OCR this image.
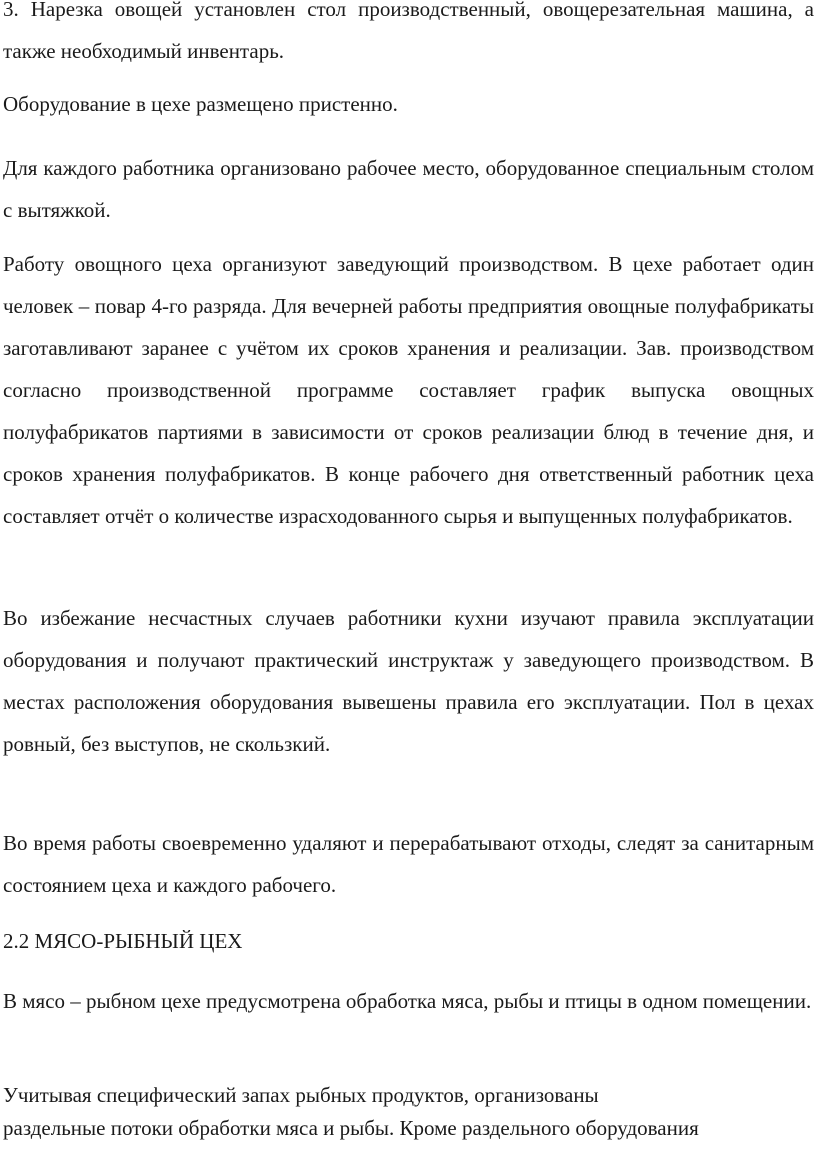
3. Нарезка овощей установлен стол производственный, овощерезательная машина, а также необходимый инвентарь.

Оборудование в цехе размещено пристенно.

Для каждого работника организовано рабочее место, оборудованное специальным столом с вытяжкой.

Работу овощного цеха организуют заведующий производством. В цехе работает один человек – повар 4-го разряда. Для вечерней работы предприятия овощные полуфабрикаты заготавливают заранее с учётом их сроков хранения и реализации. Зав. производством согласно производственной программе составляет график выпуска овощных полуфабрикатов партиями в зависимости от сроков реализации блюд в течение дня, и сроков хранения полуфабрикатов. В конце рабочего дня ответственный работник цеха составляет отчёт о количестве израсходованного сырья и выпущенных полуфабрикатов.

Во избежание несчастных случаев работники кухни изучают правила эксплуатации оборудования и получают практический инструктаж у заведующего производством. В местах расположения оборудования вывешены правила его эксплуатации. Пол в цехах ровный, без выступов, не скользкий.

Во время работы своевременно удаляют и перерабатывают отходы, следят за санитарным состоянием цеха и каждого рабочего.

2.2 МЯСО-РЫБНЫЙ ЦЕХ

В мясо – рыбном цехе предусмотрена обработка мяса, рыбы и птицы в одном помещении.

Учитывая специфический запах рыбных продуктов, организованы

раздельные потоки обработки мяса и рыбы. Кроме раздельного оборудования
